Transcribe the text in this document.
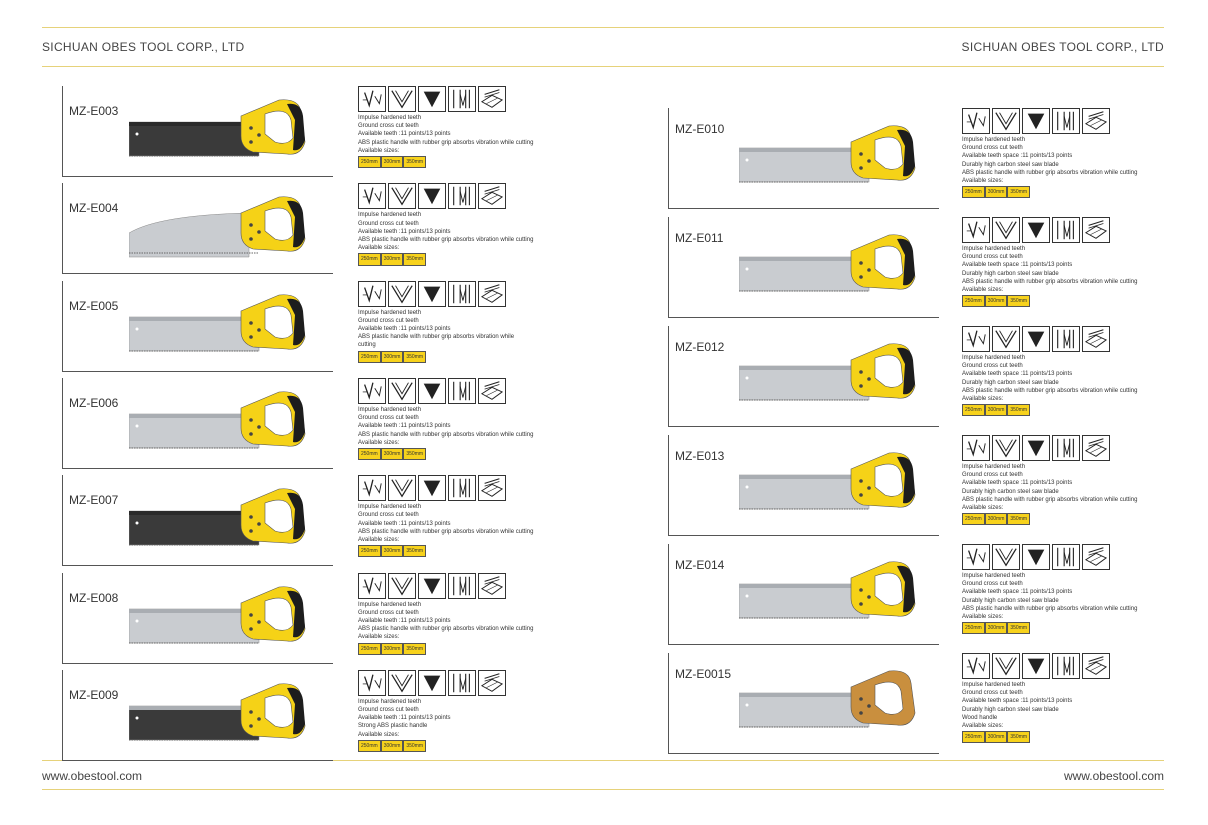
SICHUAN OBES TOOL CORP., LTD	SICHUAN OBES TOOL CORP., LTD
www.obestool.com	www.obestool.com
MZ-E003	Impulse hardened teeth
Ground cross cut teeth
Available teeth :11 points/13 points
ABS plastic handle with rubber grip absorbs vibration while cutting
Available sizes:
250mm	300mm	350mm
MZ-E004	Impulse hardened teeth
Ground cross cut teeth
Available teeth :11 points/13 points
ABS plastic handle with rubber grip absorbs vibration while cutting
Available sizes:
250mm	300mm	350mm
MZ-E005	Impulse hardened teeth
Ground cross cut teeth
Available teeth :11 points/13 points
ABS plastic handle with rubber grip absorbs vibration while
cutting
250mm	300mm	350mm
MZ-E006	Impulse hardened teeth
Ground cross cut teeth
Available teeth :11 points/13 points
ABS plastic handle with rubber grip absorbs vibration while cutting
Available sizes:
250mm	300mm	350mm
MZ-E007	Impulse hardened teeth
Ground cross cut teeth
Available teeth :11 points/13 points
ABS plastic handle with rubber grip absorbs vibration while cutting
Available sizes:
250mm	300mm	350mm
MZ-E008	Impulse hardened teeth
Ground cross cut teeth
Available teeth :11 points/13 points
ABS plastic handle with rubber grip absorbs vibration while cutting
Available sizes:
250mm	300mm	350mm
MZ-E009	Impulse hardened teeth
Ground cross cut teeth
Available teeth :11 points/13 points
Strong ABS plastic handle
Available sizes:
250mm	300mm	350mm
MZ-E010
Impulse hardened teeth
Ground cross cut teeth
Available teeth space :11 points/13 points
Durably high carbon steel saw blade
ABS plastic handle with rubber grip absorbs vibration while cutting
Available sizes:
250mm	300mm	350mm
MZ-E011
Impulse hardened teeth
Ground cross cut teeth
Available teeth space :11 points/13 points
Durably high carbon steel saw blade
ABS plastic handle with rubber grip absorbs vibration while cutting
Available sizes:
250mm	300mm	350mm
MZ-E012
Impulse hardened teeth
Ground cross cut teeth
Available teeth space :11 points/13 points
Durably high carbon steel saw blade
ABS plastic handle with rubber grip absorbs vibration while cutting
Available sizes:
250mm	300mm	350mm
MZ-E013
Impulse hardened teeth
Ground cross cut teeth
Available teeth space :11 points/13 points
Durably high carbon steel saw blade
ABS plastic handle with rubber grip absorbs vibration while cutting
Available sizes:
250mm	300mm	350mm
MZ-E014
Impulse hardened teeth
Ground cross cut teeth
Available teeth space :11 points/13 points
Durably high carbon steel saw blade
ABS plastic handle with rubber grip absorbs vibration while cutting
Available sizes:
250mm	300mm	350mm
MZ-E0015
Impulse hardened teeth
Ground cross cut teeth
Available teeth space :11 points/13 points
Durably high carbon steel saw blade
Wood handle
Available sizes:
250mm	300mm	350mm
